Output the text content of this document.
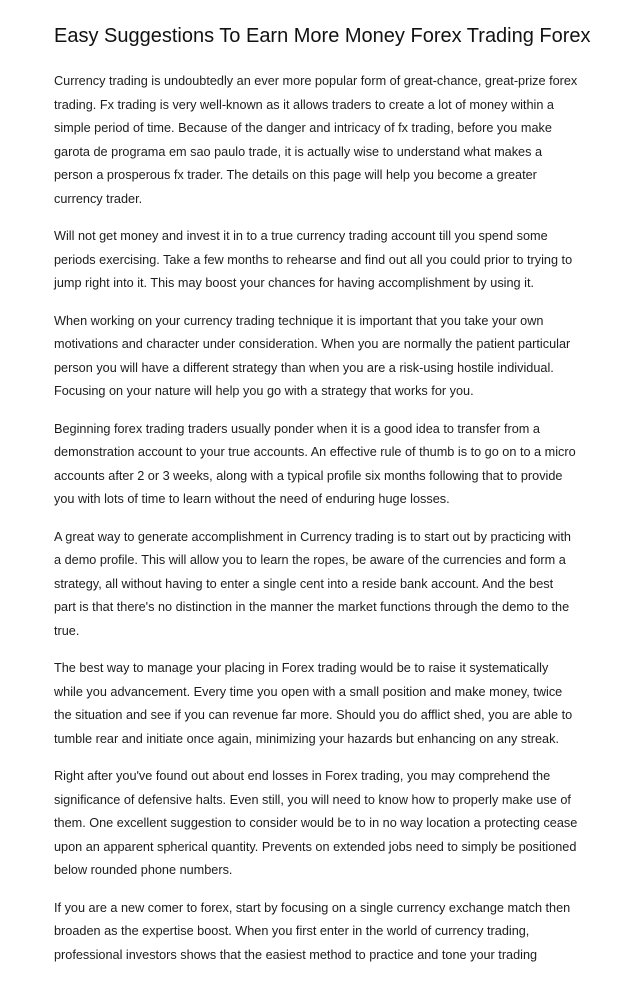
Easy Suggestions To Earn More Money Forex Trading Forex

Currency trading is undoubtedly an ever more popular form of great-chance, great-prize forex
trading. Fx trading is very well-known as it allows traders to create a lot of money within a
simple period of time. Because of the danger and intricacy of fx trading, before you make
garota de programa em sao paulo trade, it is actually wise to understand what makes a
person a prosperous fx trader. The details on this page will help you become a greater
currency trader.

Will not get money and invest it in to a true currency trading account till you spend some
periods exercising. Take a few months to rehearse and find out all you could prior to trying to
jump right into it. This may boost your chances for having accomplishment by using it.

When working on your currency trading technique it is important that you take your own
motivations and character under consideration. When you are normally the patient particular
person you will have a different strategy than when you are a risk-using hostile individual.
Focusing on your nature will help you go with a strategy that works for you.

Beginning forex trading traders usually ponder when it is a good idea to transfer from a
demonstration account to your true accounts. An effective rule of thumb is to go on to a micro
accounts after 2 or 3 weeks, along with a typical profile six months following that to provide
you with lots of time to learn without the need of enduring huge losses.

A great way to generate accomplishment in Currency trading is to start out by practicing with
a demo profile. This will allow you to learn the ropes, be aware of the currencies and form a
strategy, all without having to enter a single cent into a reside bank account. And the best
part is that there's no distinction in the manner the market functions through the demo to the
true.

The best way to manage your placing in Forex trading would be to raise it systematically
while you advancement. Every time you open with a small position and make money, twice
the situation and see if you can revenue far more. Should you do afflict shed, you are able to
tumble rear and initiate once again, minimizing your hazards but enhancing on any streak.

Right after you've found out about end losses in Forex trading, you may comprehend the
significance of defensive halts. Even still, you will need to know how to properly make use of
them. One excellent suggestion to consider would be to in no way location a protecting cease
upon an apparent spherical quantity. Prevents on extended jobs need to simply be positioned
below rounded phone numbers.

If you are a new comer to forex, start by focusing on a single currency exchange match then
broaden as the expertise boost. When you first enter in the world of currency trading,
professional investors shows that the easiest method to practice and tone your trading
